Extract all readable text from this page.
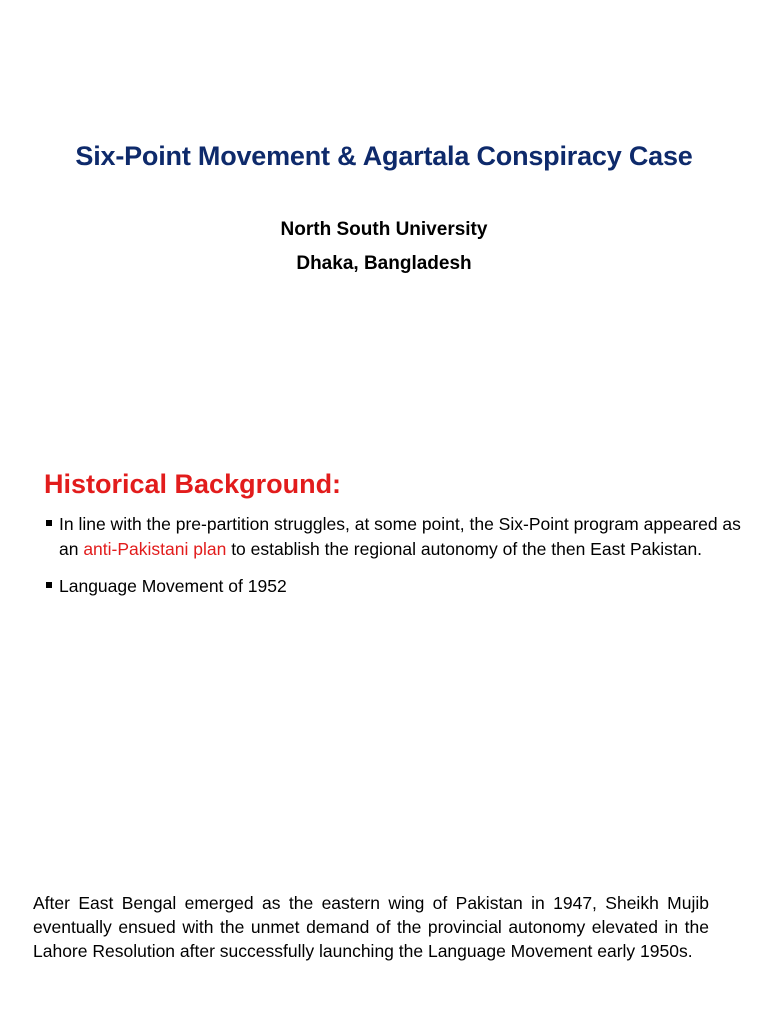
Six-Point Movement & Agartala Conspiracy Case
North South University
Dhaka, Bangladesh
Historical Background:
In line with the pre-partition struggles, at some point, the Six-Point program appeared as an anti-Pakistani plan to establish the regional autonomy of the then East Pakistan.
Language Movement of 1952

After East Bengal emerged as the eastern wing of Pakistan in 1947, Sheikh Mujib eventually ensued with the unmet demand of the provincial autonomy elevated in the Lahore Resolution after successfully launching the Language Movement early 1950s.
